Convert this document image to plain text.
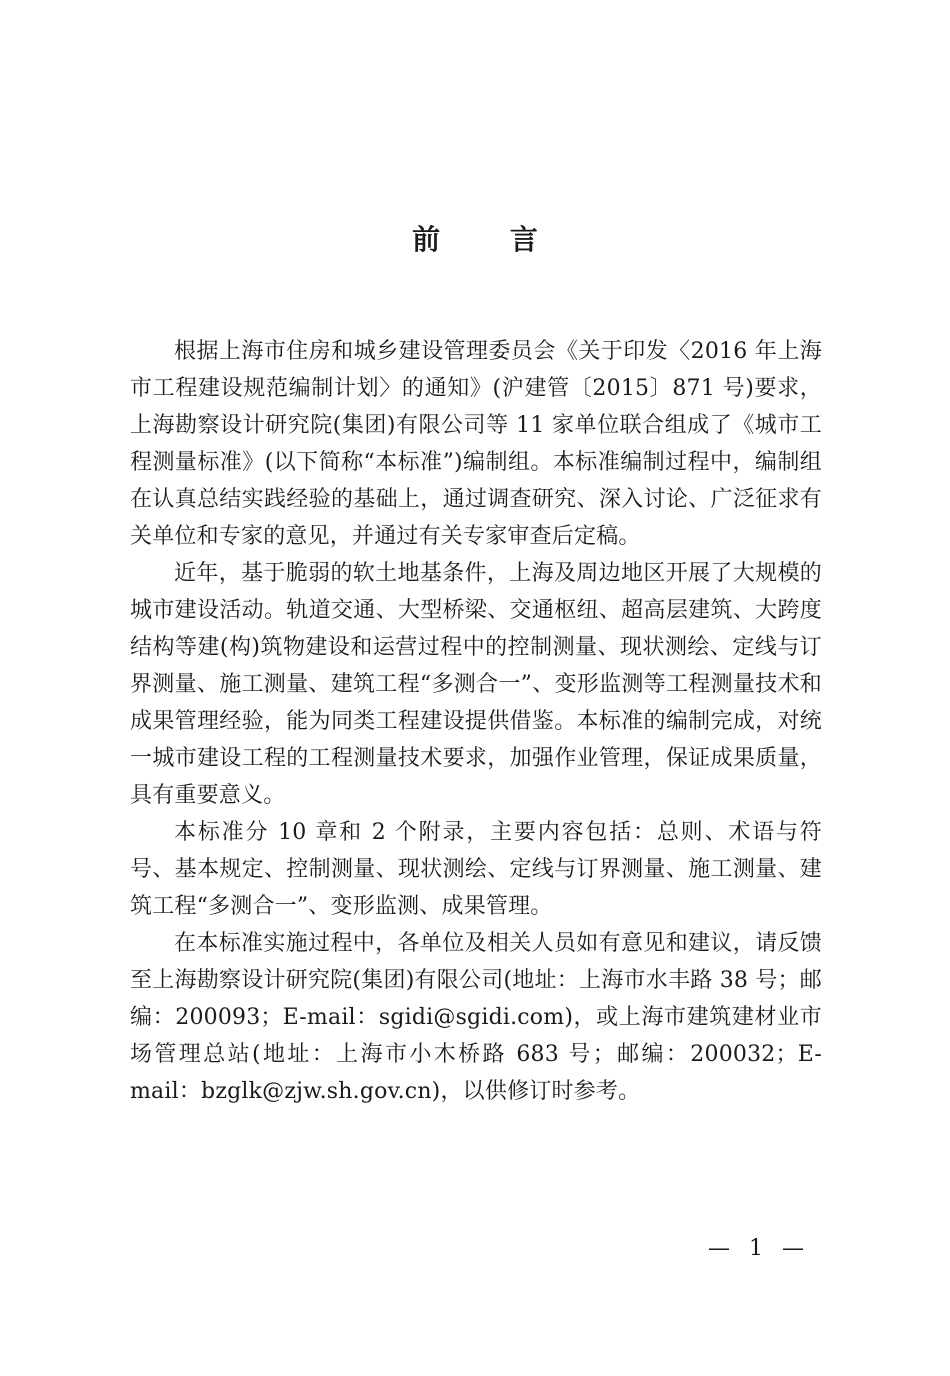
前 言

根据上海市住房和城乡建设管理委员会《关于印发〈2016 年上海市工程建设规范编制计划〉的通知》(沪建管〔2015〕871 号)要求，上海勘察设计研究院(集团)有限公司等 11 家单位联合组成了《城市工程测量标准》(以下简称“本标准”)编制组。本标准编制过程中，编制组在认真总结实践经验的基础上，通过调查研究、深入讨论、广泛征求有关单位和专家的意见，并通过有关专家审查后定稿。

近年，基于脆弱的软土地基条件，上海及周边地区开展了大规模的城市建设活动。轨道交通、大型桥梁、交通枢纽、超高层建筑、大跨度结构等建(构)筑物建设和运营过程中的控制测量、现状测绘、定线与订界测量、施工测量、建筑工程“多测合一”、变形监测等工程测量技术和成果管理经验，能为同类工程建设提供借鉴。本标准的编制完成，对统一城市建设工程的工程测量技术要求，加强作业管理，保证成果质量，具有重要意义。

本标准分 10 章和 2 个附录，主要内容包括：总则、术语与符号、基本规定、控制测量、现状测绘、定线与订界测量、施工测量、建筑工程“多测合一”、变形监测、成果管理。

在本标准实施过程中，各单位及相关人员如有意见和建议，请反馈至上海勘察设计研究院(集团)有限公司(地址：上海市水丰路 38 号；邮编：200093；E-mail：sgidi@sgidi.com)，或上海市建筑建材业市场管理总站(地址：上海市小木桥路 683 号；邮编：200032；E-mail：bzglk@zjw.sh.gov.cn)，以供修订时参考。

— 1 —
